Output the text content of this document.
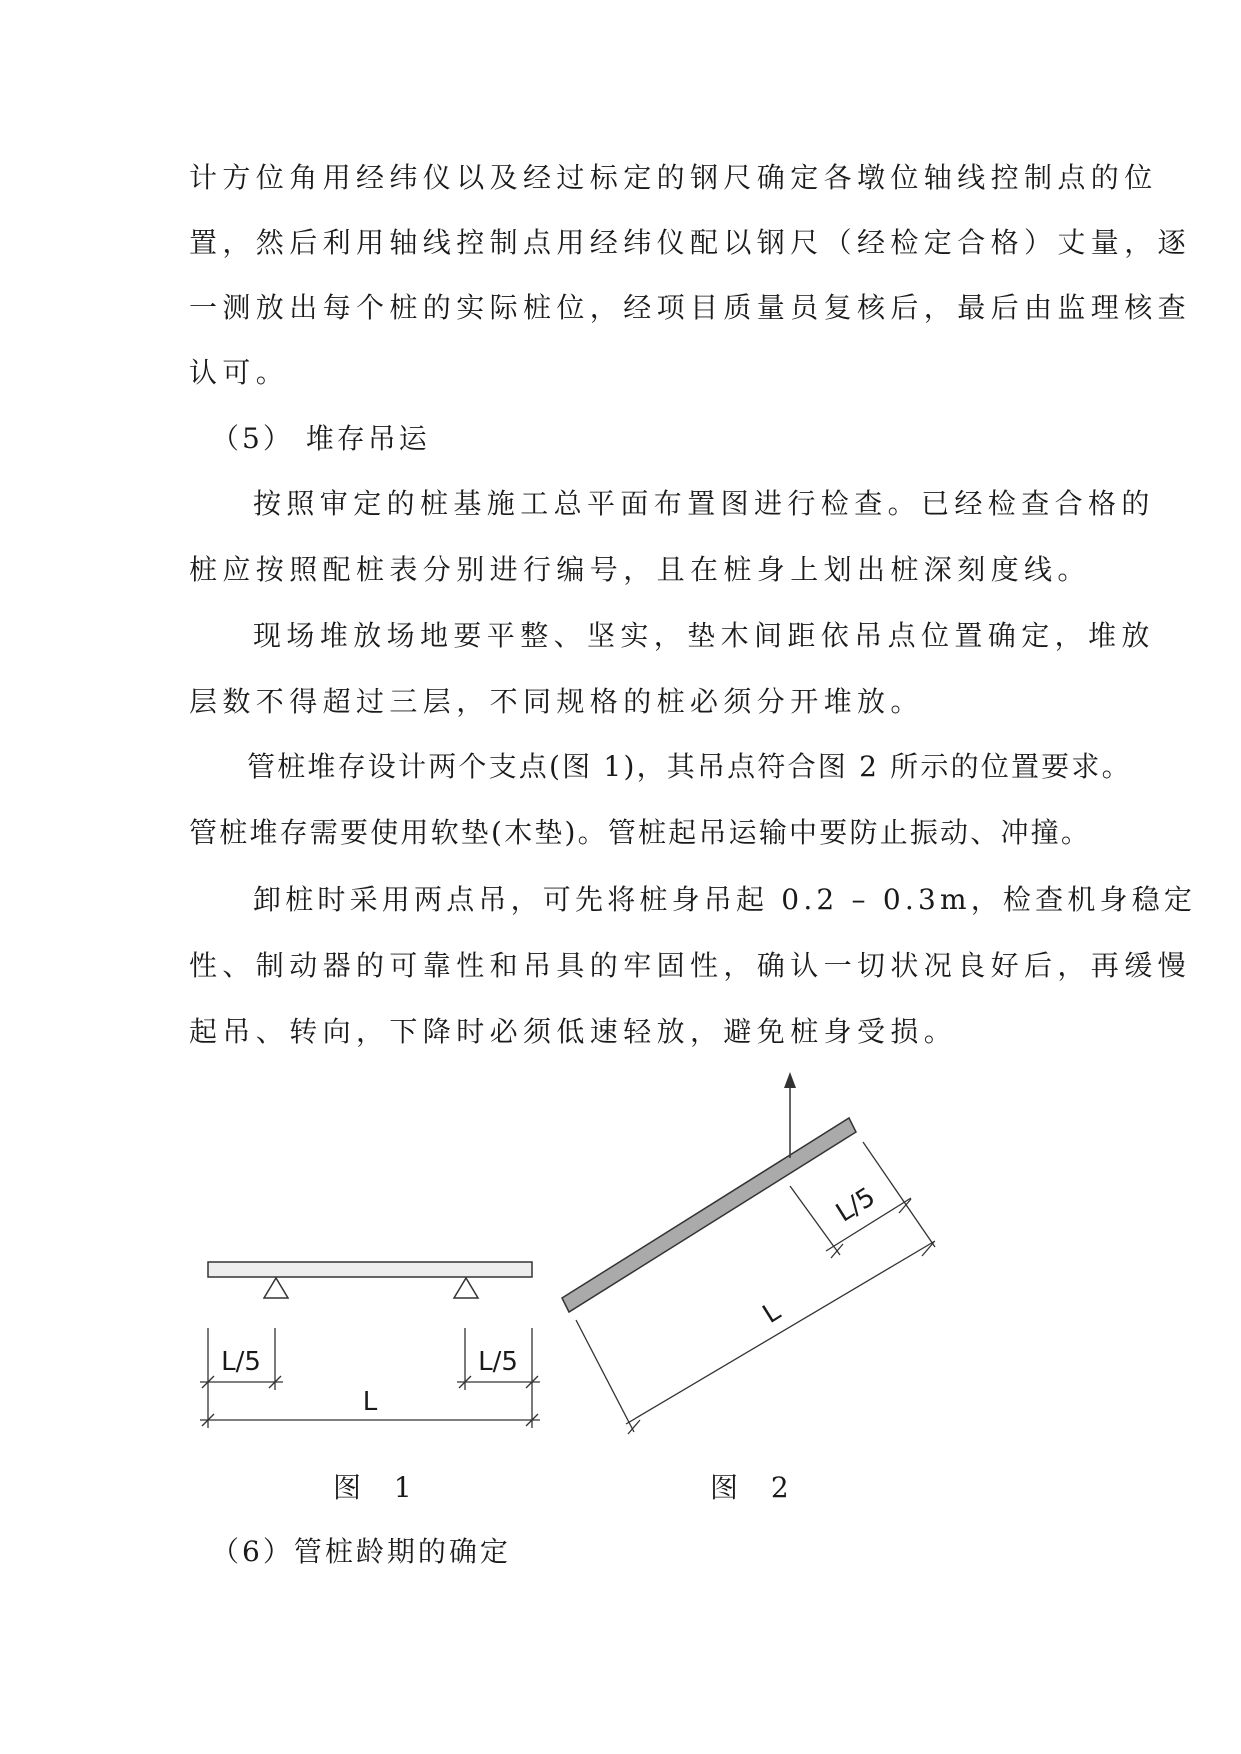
计方位角用经纬仪以及经过标定的钢尺确定各墩位轴线控制点的位
置，然后利用轴线控制点用经纬仪配以钢尺（经检定合格）丈量，逐
一测放出每个桩的实际桩位，经项目质量员复核后，最后由监理核查
认可。
（5） 堆存吊运
按照审定的桩基施工总平面布置图进行检查。已经检查合格的
桩应按照配桩表分别进行编号，且在桩身上划出桩深刻度线。
现场堆放场地要平整、坚实，垫木间距依吊点位置确定，堆放
层数不得超过三层，不同规格的桩必须分开堆放。
管桩堆存设计两个支点(图 1)，其吊点符合图 2 所示的位置要求。
管桩堆存需要使用软垫(木垫)。管桩起吊运输中要防止振动、冲撞。
卸桩时采用两点吊，可先将桩身吊起 0.2 – 0.3m，检查机身稳定
性、制动器的可靠性和吊具的牢固性，确认一切状况良好后，再缓慢
起吊、转向，下降时必须低速轻放，避免桩身受损。
L/5	L/5
L
L/5
L
图 1	图 2
（6）管桩龄期的确定
